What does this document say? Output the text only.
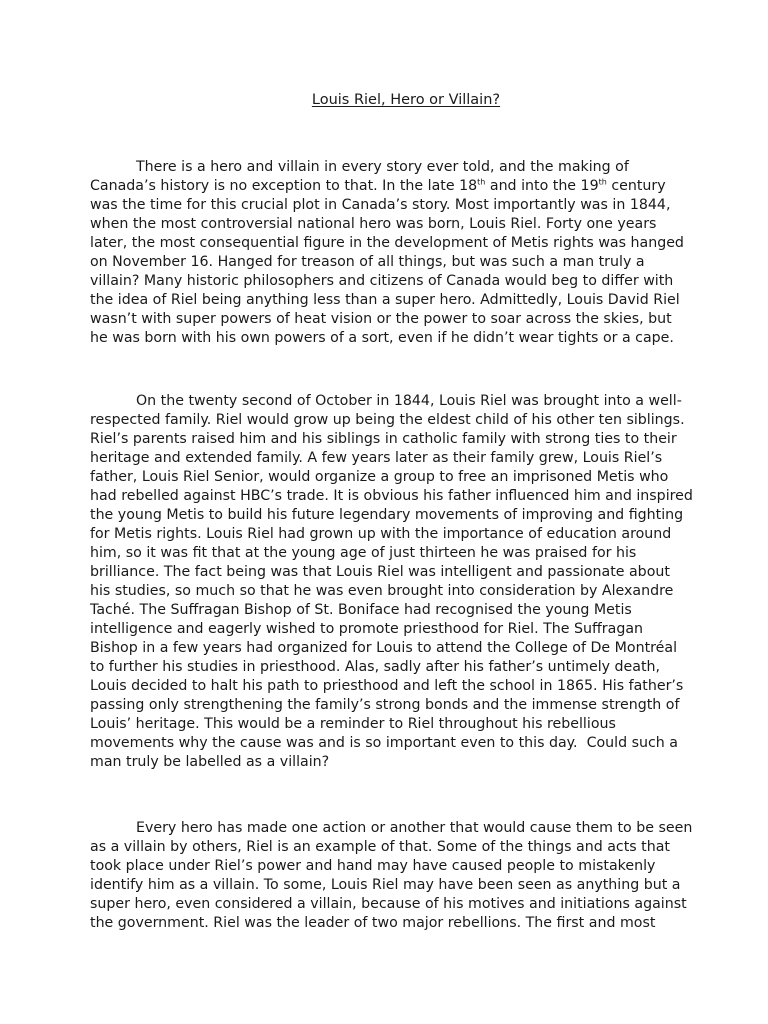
Louis Riel, Hero or Villain?
There is a hero and villain in every story ever told, and the making of
Canada’s history is no exception to that. In the late 18th and into the 19th century
was the time for this crucial plot in Canada’s story. Most importantly was in 1844,
when the most controversial national hero was born, Louis Riel. Forty one years
later, the most consequential figure in the development of Metis rights was hanged
on November 16. Hanged for treason of all things, but was such a man truly a
villain? Many historic philosophers and citizens of Canada would beg to differ with
the idea of Riel being anything less than a super hero. Admittedly, Louis David Riel
wasn’t with super powers of heat vision or the power to soar across the skies, but
he was born with his own powers of a sort, even if he didn’t wear tights or a cape.
On the twenty second of October in 1844, Louis Riel was brought into a well-
respected family. Riel would grow up being the eldest child of his other ten siblings.
Riel’s parents raised him and his siblings in catholic family with strong ties to their
heritage and extended family. A few years later as their family grew, Louis Riel’s
father, Louis Riel Senior, would organize a group to free an imprisoned Metis who
had rebelled against HBC’s trade. It is obvious his father influenced him and inspired
the young Metis to build his future legendary movements of improving and fighting
for Metis rights. Louis Riel had grown up with the importance of education around
him, so it was fit that at the young age of just thirteen he was praised for his
brilliance. The fact being was that Louis Riel was intelligent and passionate about
his studies, so much so that he was even brought into consideration by Alexandre
Taché. The Suffragan Bishop of St. Boniface had recognised the young Metis
intelligence and eagerly wished to promote priesthood for Riel. The Suffragan
Bishop in a few years had organized for Louis to attend the College of De Montréal
to further his studies in priesthood. Alas, sadly after his father’s untimely death,
Louis decided to halt his path to priesthood and left the school in 1865. His father’s
passing only strengthening the family’s strong bonds and the immense strength of
Louis’ heritage. This would be a reminder to Riel throughout his rebellious
movements why the cause was and is so important even to this day.  Could such a
man truly be labelled as a villain?
Every hero has made one action or another that would cause them to be seen
as a villain by others, Riel is an example of that. Some of the things and acts that
took place under Riel’s power and hand may have caused people to mistakenly
identify him as a villain. To some, Louis Riel may have been seen as anything but a
super hero, even considered a villain, because of his motives and initiations against
the government. Riel was the leader of two major rebellions. The first and most
